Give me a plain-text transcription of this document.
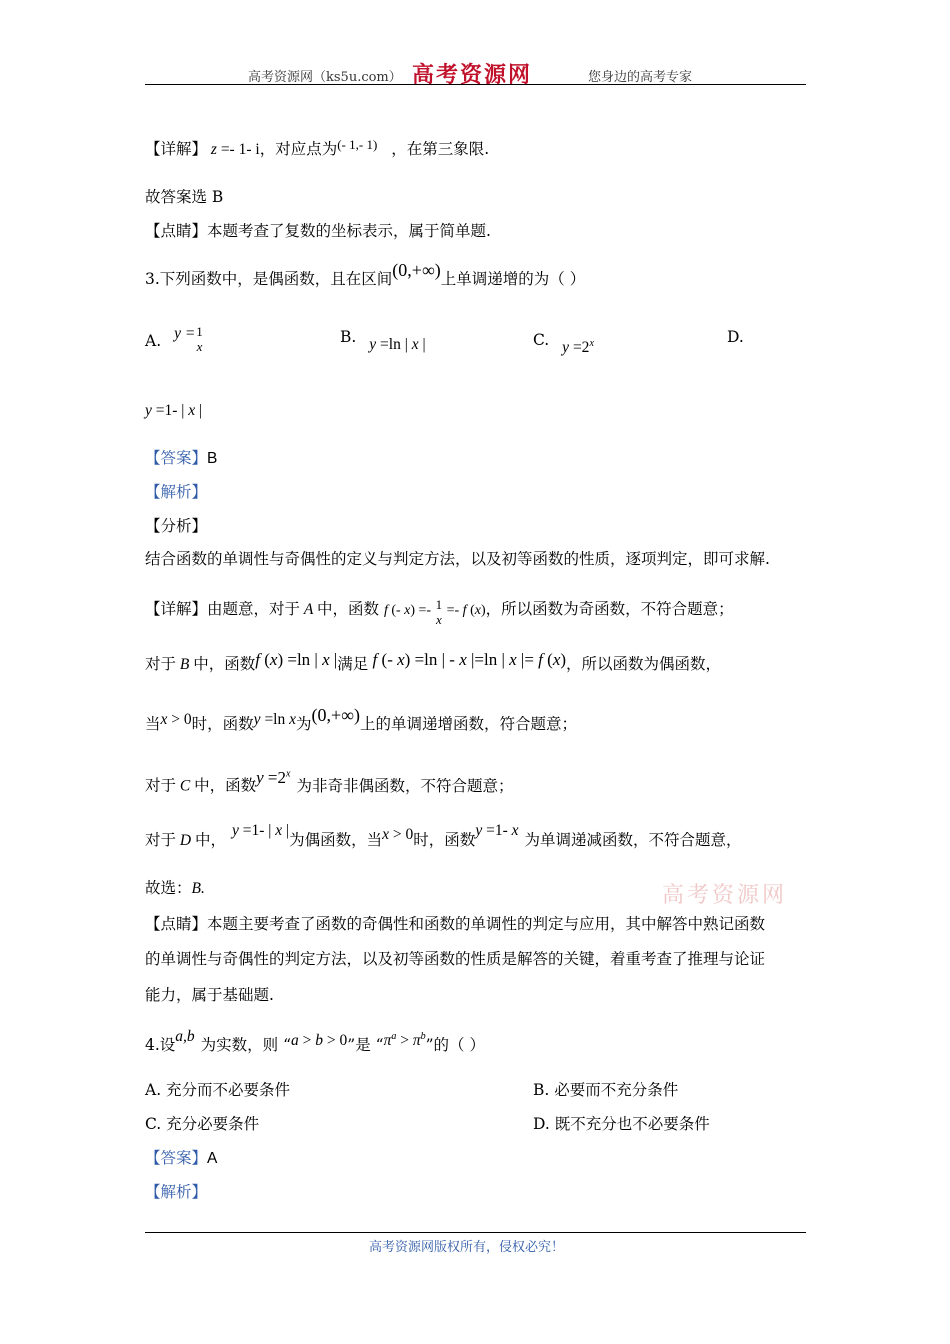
高考资源网（ks5u.com） 高考资源网	您身边的高考专家
【详解】 z =- 1- i，对应点为$^{(- 1,- 1)}$ ，在第三象限.
故答案选 B
【点睛】本题考查了复数的坐标表示，属于简单题.
3.下列函数中，是偶函数，且在区间(0,+∞)上单调递增的为（ ）
A. y = 1
x
B. y =ln | x |	C. $y =2^x$	D.
y =1- | x |
【答案】B
【解析】
【分析】
结合函数的单调性与奇偶性的定义与判定方法，以及初等函数的性质，逐项判定，即可求解.
【详解】由题意，对于 A 中，函数 f (- x) =- 1
x
=- f (x)，所以函数为奇函数，不符合题意；
对于 B 中，函数f (x) =ln | x |满足 f (- x) =ln | - x |=ln | x |= f (x)，所以函数为偶函数，
当x > 0时，函数y =ln x为(0,+∞)上的单调递增函数，符合题意；
对于 C 中，函数$y =2^x$为非奇非偶函数，不符合题意；
对于 D 中，y =1- | x |为偶函数，当x > 0时，函数y =1- x为单调递减函数，不符合题意，
故选：B.	高考资源网
【点睛】本题主要考查了函数的奇偶性和函数的单调性的判定与应用，其中解答中熟记函数
的单调性与奇偶性的判定方法，以及初等函数的性质是解答的关键，着重考查了推理与论证
能力，属于基础题.
4.设a,b 为实数，则 “a > b > 0”是 “$\pi^a > \pi^b$”的（ ）
A. 充分而不必要条件	B. 必要而不充分条件
C. 充分必要条件	D. 既不充分也不必要条件
【答案】A
【解析】
高考资源网版权所有，侵权必究！
